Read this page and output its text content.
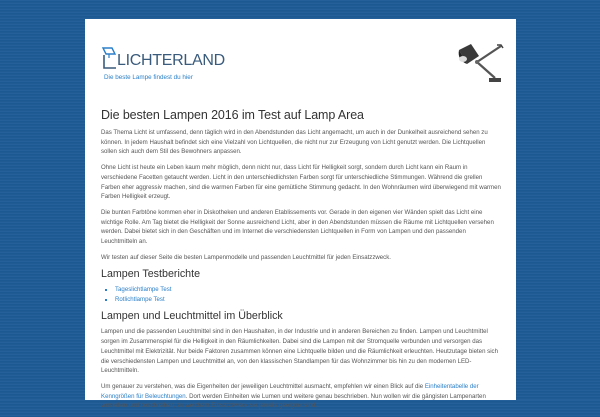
LICHTERLAND
Die beste Lampe findest du hier
Die besten Lampen 2016 im Test auf Lamp Area

Das Thema Licht ist umfassend, denn täglich wird in den Abendstunden das Licht angemacht, um auch in der Dunkelheit ausreichend sehen zu können. In jedem Haushalt befindet sich eine Vielzahl von Lichtquellen, die nicht nur zur Erzeugung von Licht genutzt werden. Die Lichtquellen sollen sich auch dem Stil des Bewohners anpassen.

Ohne Licht ist heute ein Leben kaum mehr möglich, denn nicht nur, dass Licht für Helligkeit sorgt, sondern durch Licht kann ein Raum in verschiedene Facetten getaucht werden. Licht in den unterschiedlichsten Farben sorgt für unterschiedliche Stimmungen. Während die grellen Farben eher aggressiv machen, sind die warmen Farben für eine gemütliche Stimmung gedacht. In den Wohnräumen wird überwiegend mit warmen Farben Helligkeit erzeugt.

Die bunten Farbtöne kommen eher in Diskotheken und anderen Etablissements vor. Gerade in den eigenen vier Wänden spielt das Licht eine wichtige Rolle. Am Tag bietet die Helligkeit der Sonne ausreichend Licht, aber in den Abendstunden müssen die Räume mit Lichtquellen versehen werden. Dabei bietet sich in den Geschäften und im Internet die verschiedensten Lichtquellen in Form von Lampen und den passenden Leuchtmitteln an.

Wir testen auf dieser Seite die besten Lampenmodelle und passenden Leuchtmittel für jeden Einsatzzweck.

Lampen Testberichte
▪ Tageslichtlampe Test
▪ Rotlichtlampe Test
Lampen und Leuchtmittel im Überblick

Lampen und die passenden Leuchtmittel sind in den Haushalten, in der Industrie und in anderen Bereichen zu finden. Lampen und Leuchtmittel sorgen im Zusammenspiel für die Helligkeit in den Räumlichkeiten. Dabei sind die Lampen mit der Stromquelle verbunden und versorgen das Leuchtmittel mit Elektrizität. Nur beide Faktoren zusammen können eine Lichtquelle bilden und die Räumlichkeit erleuchten. Heutzutage bieten sich die verschiedensten Lampen und Leuchtmittel an, von den klassischen Standlampen für das Wohnzimmer bis hin zu den modernen LED-Leuchtmitteln.

Um genauer zu verstehen, was die Eigenheiten der jeweiligen Leuchtmittel ausmacht, empfehlen wir einen Blick auf die Einheitentabelle der Kenngrößen für Beleuchtungen. Dort werden Einheiten wie Lumen und weitere genau beschrieben. Nun wollen wir die gängisten Lampenarten vorstellen und beschreiben, zu welchem Einsatzzweck sie jeweils geeignet sind.
